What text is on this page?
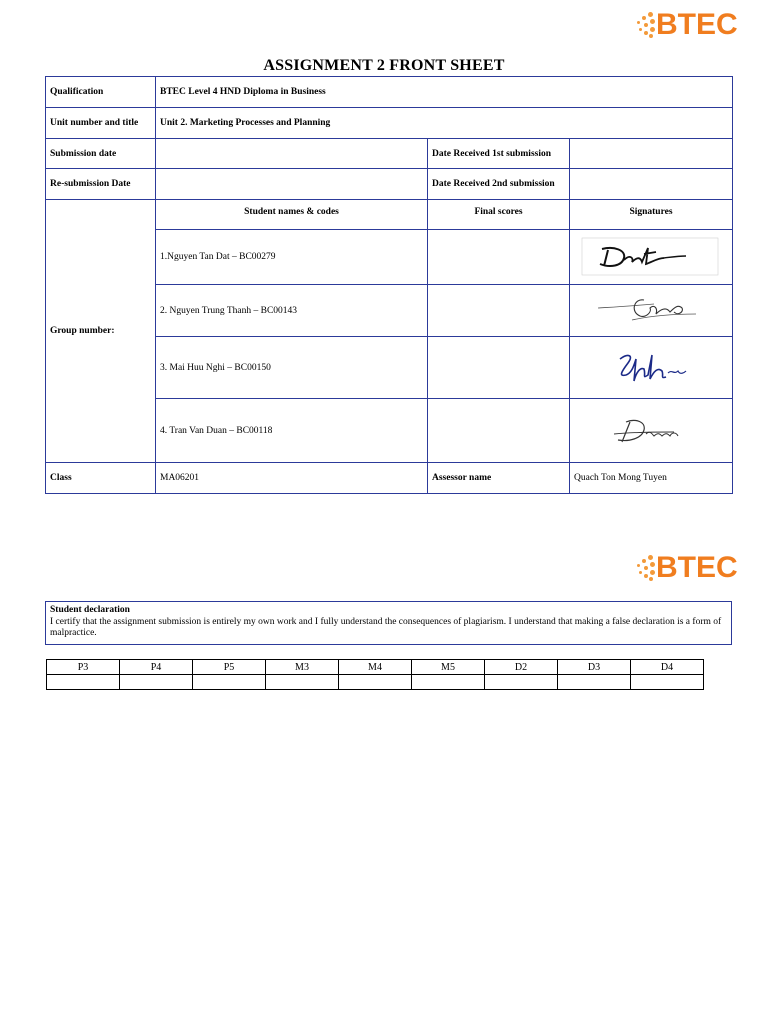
BTEC
ASSIGNMENT 2 FRONT SHEET
Qualification	BTEC Level 4 HND Diploma in Business		
Unit number and title	Unit 2. Marketing Processes and Planning		
Submission date		Date Received 1st submission	
Re-submission Date		Date Received 2nd submission	
Group number:	Student names & codes	Final scores	Signatures
	1.Nguyen Tan Dat – BC00279		

	2. Nguyen Trung Thanh – BC00143		

	3. Mai Huu Nghi – BC00150		

	4. Tran Van Duan – BC00118		

Class	MA06201	Assessor name	Quach Ton Mong Tuyen
BTEC
Student declaration
I certify that the assignment submission is entirely my own work and I fully understand the consequences of plagiarism. I understand that making a false declaration is a form of malpractice.
P3	P4	P5	M3	M4	M5	D2	D3	D4
